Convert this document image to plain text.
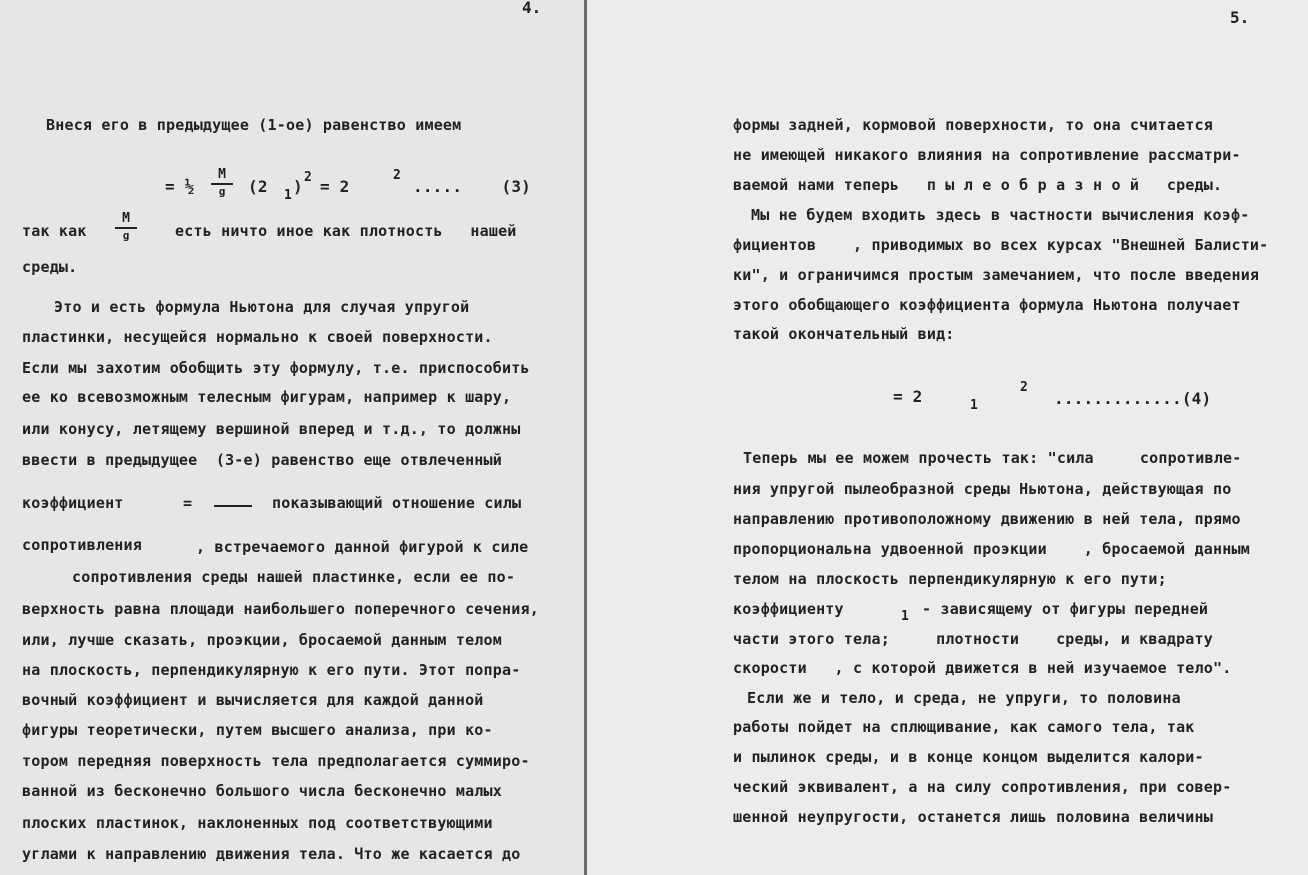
4.
Внеся его в предыдущее (1-ое) равенство имеем
= ½
M
g	(2 1 ) 2 = 2
2
.....    (3)
так как
M
g	есть ничто иное как плотность   нашей
среды.
Это и есть формула Ньютона для случая упругой
пластинки, несущейся нормально к своей поверхности.
Если мы захотим обобщить эту формулу, т.е. приспособить
ее ко всевозможным телесным фигурам, например к шару,
или конусу, летящему вершиной вперед и т.д., то должны
ввести в предыдущее  (3-е) равенство еще отвлеченный
коэффициент	=	показывающий отношение силы
сопротивления	, встречаемого данной фигурой к силе
сопротивления среды нашей пластинке, если ее по-
верхность равна площади наибольшего поперечного сечения,
или, лучше сказать, проэкции, бросаемой данным телом
на плоскость, перпендикулярную к его пути. Этот попра-
вочный коэффициент и вычисляется для каждой данной
фигуры теоретически, путем высшего анализа, при ко-
тором передняя поверхность тела предполагается суммиро-
ванной из бесконечно большого числа бесконечно малых
плоских пластинок, наклоненных под соответствующими
углами к направлению движения тела. Что же касается до
5.
формы задней, кормовой поверхности, то она считается
не имеющей никакого влияния на сопротивление рассматри-
ваемой нами теперь   п ы л е о б р а з н о й   среды.
Мы не будем входить здесь в частности вычисления коэф-
фициентов    , приводимых во всех курсах "Внешней Балисти-
ки", и ограничимся простым замечанием, что после введения
этого обобщающего коэффициента формула Ньютона получает
такой окончательный вид:
= 2	1
2
.............(4)
Теперь мы ее можем прочесть так: "сила     сопротивле-
ния упругой пылеобразной среды Ньютона, действующая по
направлению противоположному движению в ней тела, прямо
пропорциональна удвоенной проэкции    , бросаемой данным
телом на плоскость перпендикулярную к его пути;
коэффициенту	1 - зависящему от фигуры передней
части этого тела;     плотности    среды, и квадрату
скорости   , с которой движется в ней изучаемое тело".
Если же и тело, и среда, не упруги, то половина
работы пойдет на сплющивание, как самого тела, так
и пылинок среды, и в конце концом выделится калори-
ческий эквивалент, а на силу сопротивления, при совер-
шенной неупругости, останется лишь половина величины
